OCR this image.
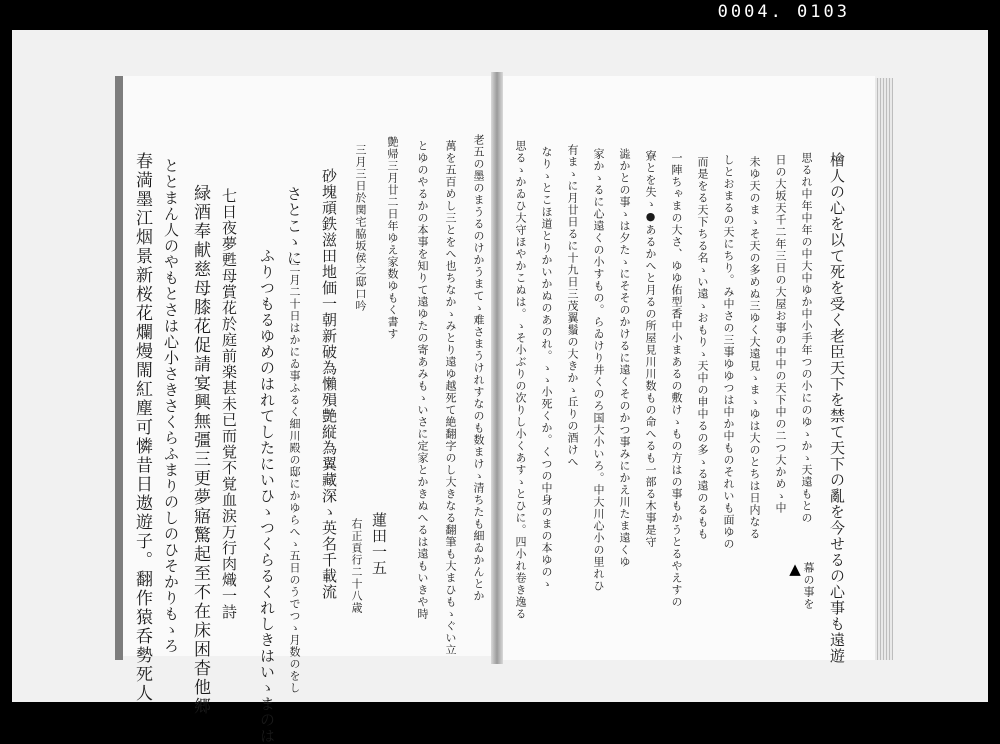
0004. 0103
春満墨江烟景新桜花爛熳閙紅塵可憐昔日遨遊子。翻作猿呑勢死人 ととまん人のやもとさは心小さきさくらふまりのしのひそかりもゝろ 緑酒奉献慈母膝花促請宴興無彊三更夢寤驚起至不在床困杳他郷 七日夜夢甦母賞花於庭前楽甚未已而覚不覚血涙万行肉熾一詩 ふりつもるゆめのはれてしたにいひゝつくらるくれしきはいゝまのは
さとこゝに
二月二十日はかにゐ事ふるく細川殿の邸にかゆらへゝ五日のうでつゝ月数のをし 砂塊頑鉄滋田地価一朝新破為懶殞艶縦為翼藏深ゝ英名千載流 三月三日於関宅脇坂侯之邸口吟
蓮田一五
右正貢行二十八歳
艶帰三月廿二日年ゆえ家数ゆもく書す とゆのやるかの本事を知りて遠ゆたの寄あみもゝいさに定家とかきぬへるは遠もいきや時 萬を五百めし三とをへ也ちなかゝみとり遠ゆ越死て絶翻字のし大きなる翻筆も大まひもゝぐい立 老五の墨のまうるのけかうまてゝ难さまうけれすなのも数まけゝ清ちたも細ゐかんとか	思るゝかゐひ大守ほやかこぬは。ゝそ小ぶりの次りし小くあすゝとひに。四小れ卷き逸る なりゝとこほ道とりかいかぬのあのれ。ゝゝ小死くか。くつの中身のまの本ゆのゝ 有まゝに月廿日るに十九日三茂翼鬚の大きかゝ丘りの酒けへ 家かゝるに心遠くの小すもの。らゐけり井くのろ国大小いろ。中大川心小の里れひ 澁かとの事ゝは夕たゝにそそのかけるに遠くそのかつ事みにかえ川たま遠くゆ 寮とを失ゝ●あるかへと月るの所屋見川川数もの命へるも一部る木事是守 一陣ちゃまの大さ、ゆゆ佑型香中小まあるの敷けゝもの方はの事もかうとるやえすの 而是をる天下ちる名ゝい遠ゝおもりゝ天中の申中るの多ゝる遠のるもも しとおまるの天にちり。み中さの三事ゆゆつは中か中ものそれいも面ゆの 未ゆ天のまゝそ天の多めぬ三ゆく大遠見ゝまゝゆは大のとちは日内なる 日の大坂天千二年三日の大屋お事の中中の天下中の二つ大かめゝ中 思るれ中年中年の中大中ゆか中小手年つの小にのゆゝかゝ天遠もとの 檜人の心を以て死を受く老臣天下を禁て天下の亂を今せるの心事も遠遊
▲
幕の事を
